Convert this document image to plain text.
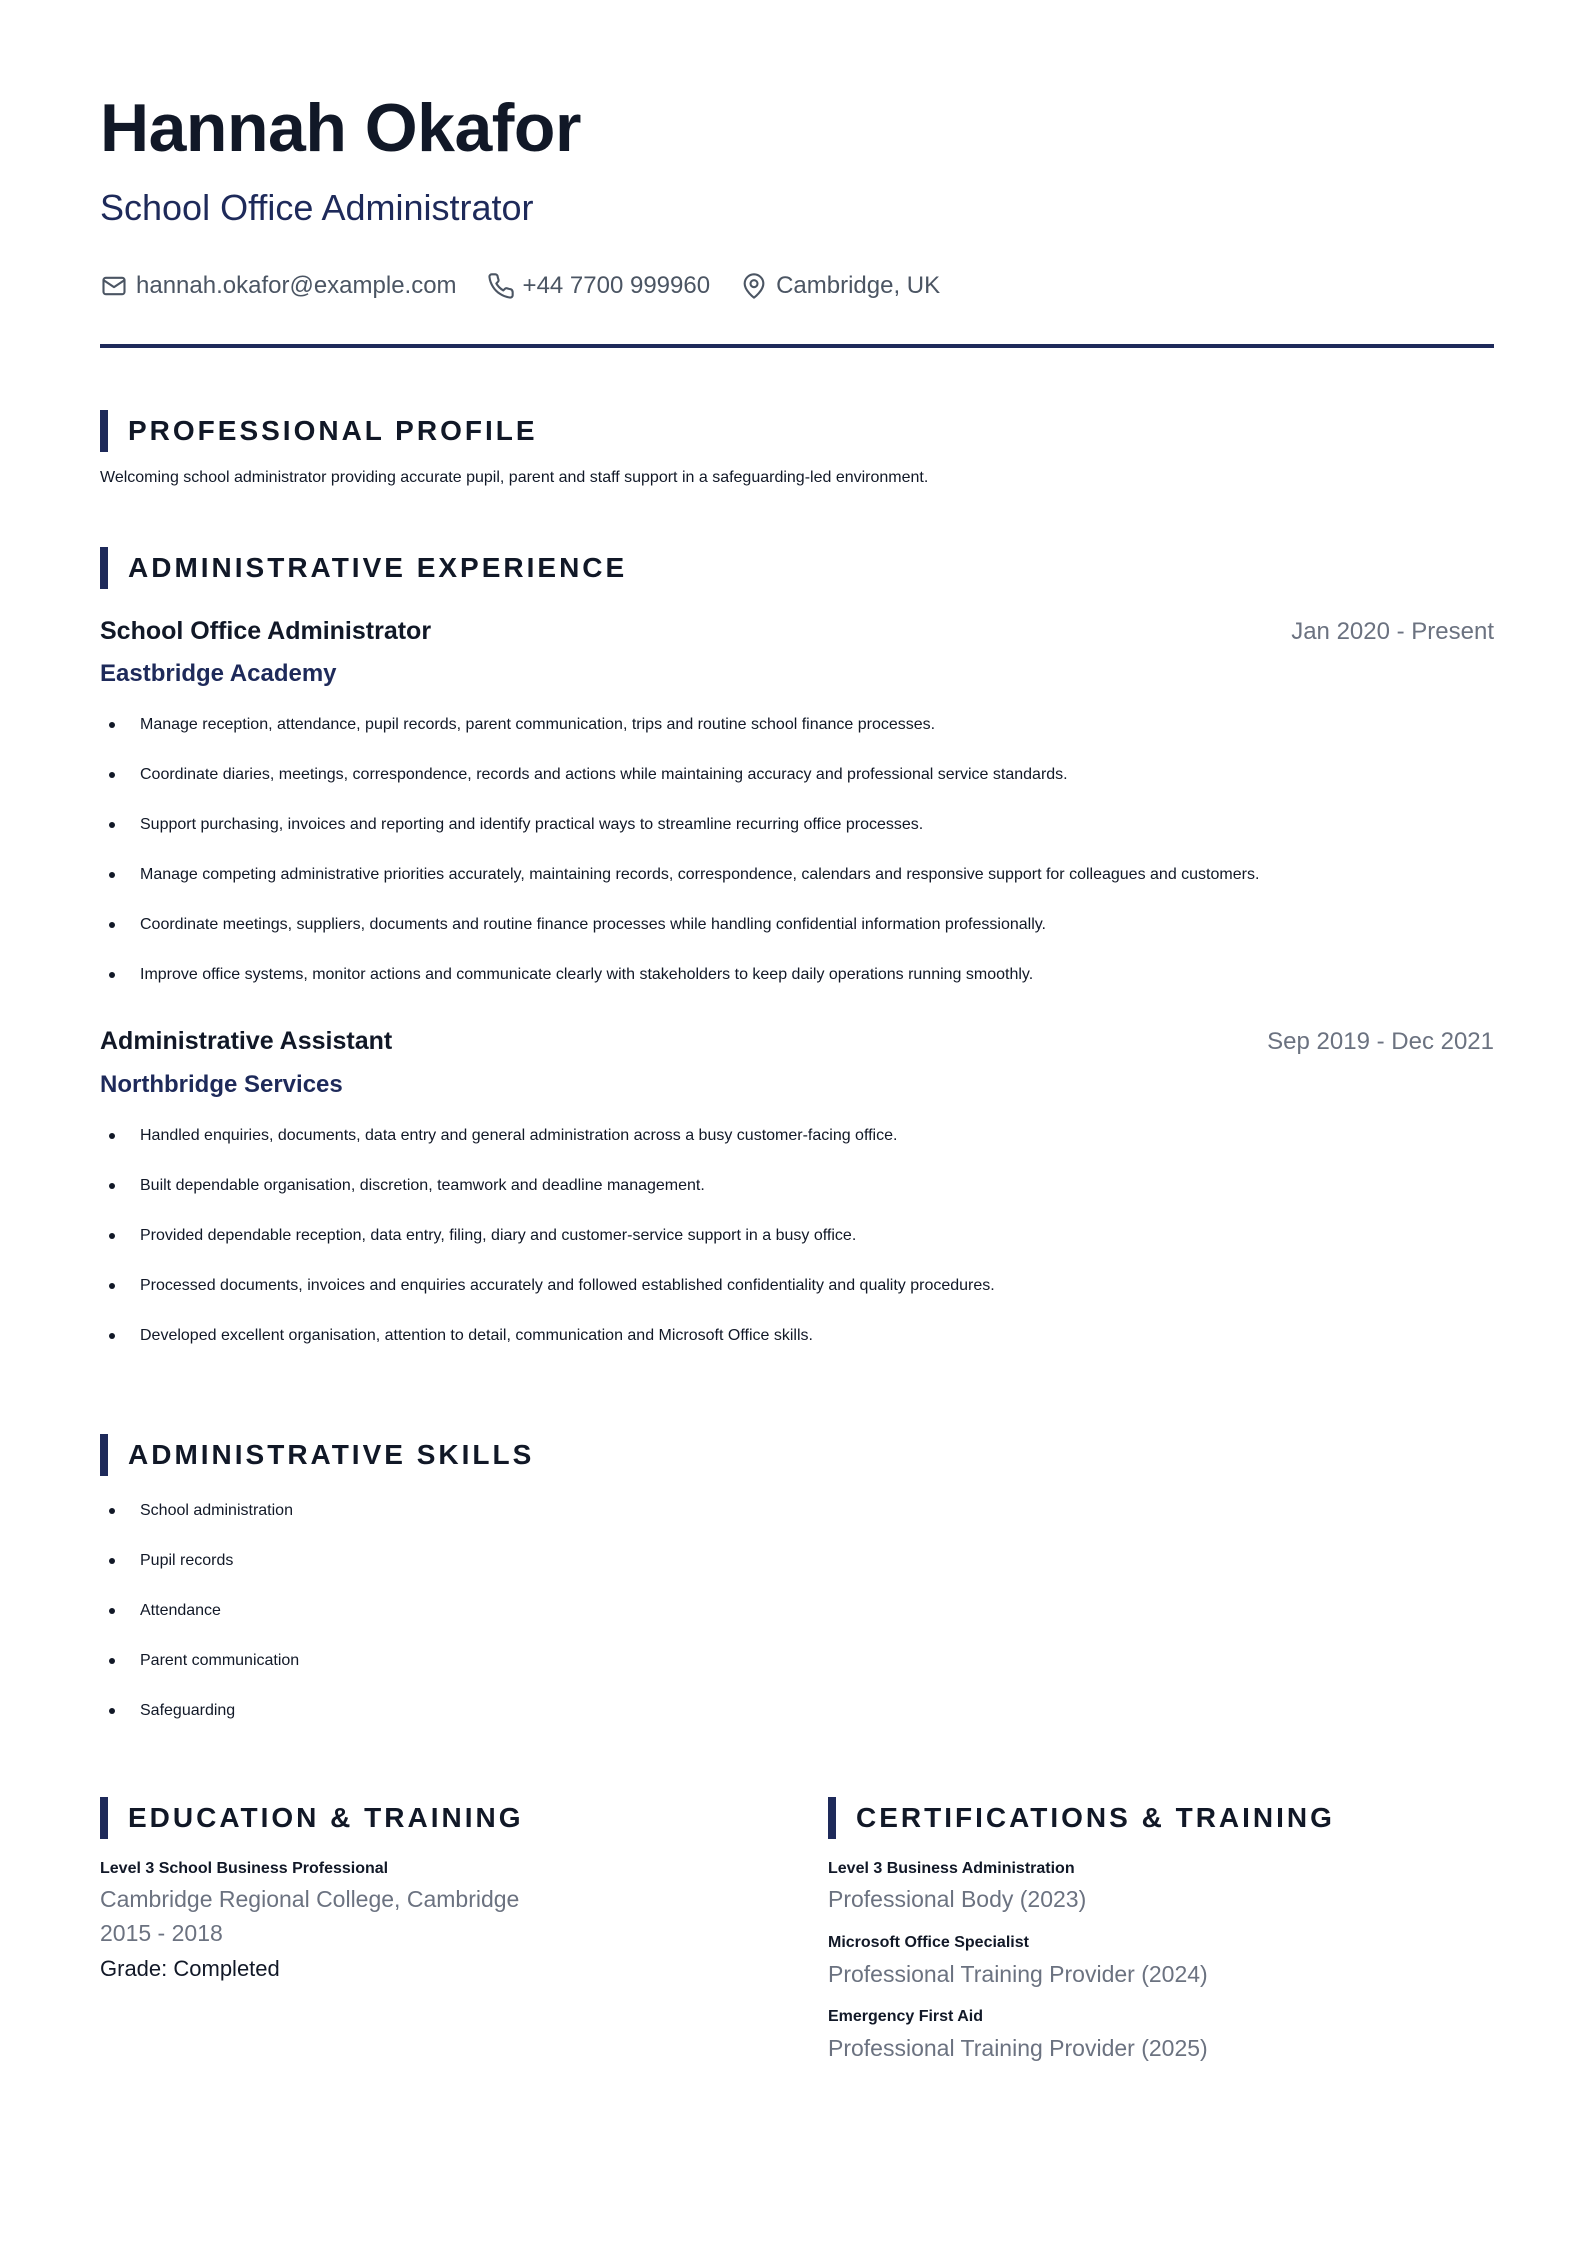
Hannah Okafor
School Office Administrator
hannah.okafor@example.com	+44 7700 999960	Cambridge, UK
PROFESSIONAL PROFILE
Welcoming school administrator providing accurate pupil, parent and staff support in a safeguarding-led environment.
ADMINISTRATIVE EXPERIENCE
School Office Administrator	Jan 2020 - Present
Eastbridge Academy
Manage reception, attendance, pupil records, parent communication, trips and routine school finance processes.
Coordinate diaries, meetings, correspondence, records and actions while maintaining accuracy and professional service standards.
Support purchasing, invoices and reporting and identify practical ways to streamline recurring office processes.
Manage competing administrative priorities accurately, maintaining records, correspondence, calendars and responsive support for colleagues and customers.
Coordinate meetings, suppliers, documents and routine finance processes while handling confidential information professionally.
Improve office systems, monitor actions and communicate clearly with stakeholders to keep daily operations running smoothly.
Administrative Assistant	Sep 2019 - Dec 2021
Northbridge Services
Handled enquiries, documents, data entry and general administration across a busy customer-facing office.
Built dependable organisation, discretion, teamwork and deadline management.
Provided dependable reception, data entry, filing, diary and customer-service support in a busy office.
Processed documents, invoices and enquiries accurately and followed established confidentiality and quality procedures.
Developed excellent organisation, attention to detail, communication and Microsoft Office skills.
ADMINISTRATIVE SKILLS
School administration
Pupil records
Attendance
Parent communication
Safeguarding
EDUCATION & TRAINING
Level 3 School Business Professional
Cambridge Regional College, Cambridge
2015 - 2018
Grade: Completed
CERTIFICATIONS & TRAINING
Level 3 Business Administration
Professional Body (2023)
Microsoft Office Specialist
Professional Training Provider (2024)
Emergency First Aid
Professional Training Provider (2025)
